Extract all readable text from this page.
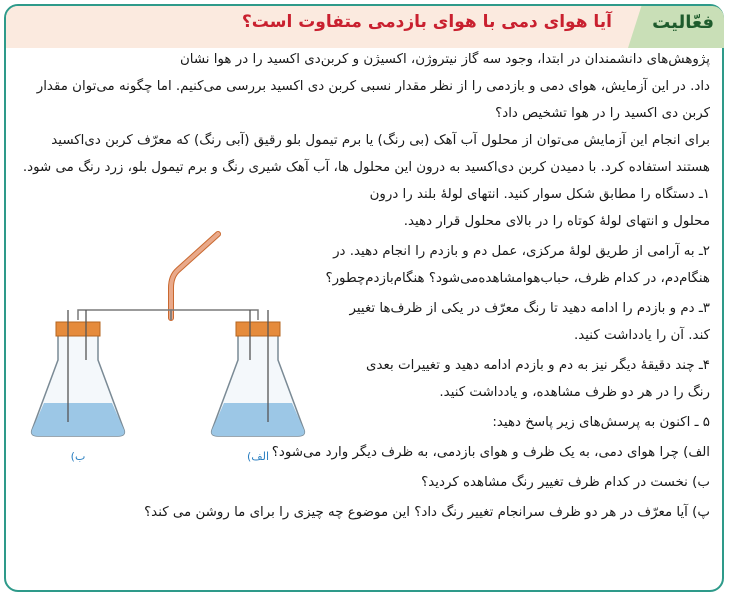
فعّالیت
آیا هوای دمی با هوای بازدمی متفاوت است؟
پژوهش‌های دانشمندان در ابتدا، وجود سه گاز نیتروژن، اکسیژن و کربن‌دی اکسید را در هوا نشان
داد. در این آزمایش، هوای دمی و بازدمی را از نظر مقدار نسبی کربن دی اکسید بررسی می‌کنیم. اما چگونه می‌توان مقدار
کربن دی اکسید را در هوا تشخیص داد؟
برای انجام این آزمایش می‌توان از محلول آب آهک (بی رنگ) یا برم تیمول بلو رقیق (آبی رنگ) که معرّف کربن دی‌اکسید
هستند استفاده کرد. با دمیدن کربن دی‌اکسید به درون این محلول ها، آب آهک شیری رنگ و برم تیمول بلو، زرد رنگ می شود.
۱ـ دستگاه را مطابق شکل سوار کنید. انتهای لولهٔ بلند را درون
محلول و انتهای لولهٔ کوتاه را در بالای محلول قرار دهید.
۲ـ به آرامی از طریق لولهٔ مرکزی، عمل دم و بازدم را انجام دهید. در
هنگام‌دم، در کدام ظرف، حباب‌هوامشاهده‌می‌شود؟ هنگام‌بازدم‌چطور؟
۳ـ دم و بازدم را ادامه دهید تا رنگ معرّف در یکی از ظرف‌ها تغییر
کند. آن را یادداشت کنید.
۴ـ چند دقیقهٔ دیگر نیز به دم و بازدم ادامه دهید و تغییرات بعدی
رنگ را در هر دو ظرف مشاهده، و یادداشت کنید.
۵ ـ اکنون به پرسش‌های زیر پاسخ دهید:
الف) چرا هوای دمی، به یک ظرف و هوای بازدمی، به ظرف دیگر وارد می‌شود؟
ب) نخست در کدام ظرف تغییر رنگ مشاهده کردید؟
پ) آیا معرّف در هر دو ظرف سرانجام تغییر رنگ داد؟ این موضوع چه چیزی را برای ما روشن می کند؟
ب)	الف)
